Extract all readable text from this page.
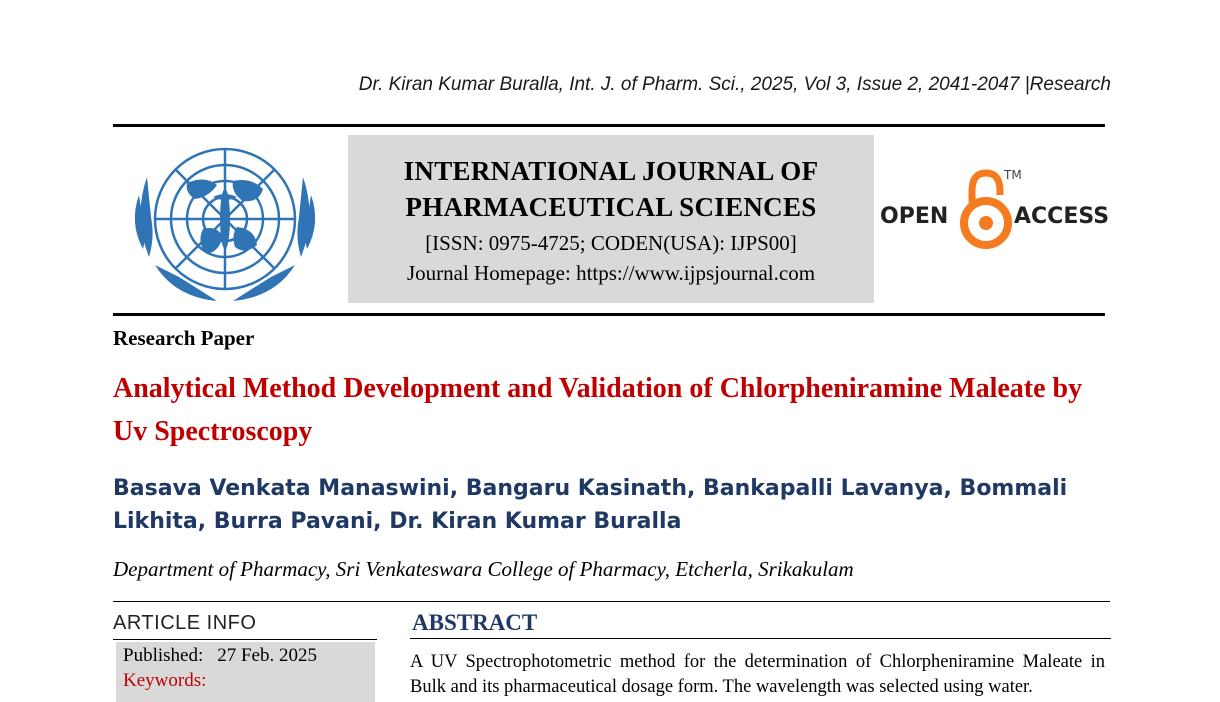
Dr. Kiran Kumar Buralla, Int. J. of Pharm. Sci., 2025, Vol 3, Issue 2, 2041-2047 |Research
INTERNATIONAL JOURNAL OF
PHARMACEUTICAL SCIENCES
[ISSN: 0975-4725; CODEN(USA): IJPS00]
Journal Homepage: https://www.ijpsjournal.com
OPEN
TM
ACCESS
Research Paper
Analytical Method Development and Validation of Chlorpheniramine Maleate by Uv Spectroscopy
Basava Venkata Manaswini, Bangaru Kasinath, Bankapalli Lavanya, Bommali Likhita, Burra Pavani, Dr. Kiran Kumar Buralla
Department of Pharmacy, Sri Venkateswara College of Pharmacy, Etcherla, Srikakulam
ARTICLE INFO
Published: 27 Feb. 2025
Keywords:
ABSTRACT
A UV Spectrophotometric method for the determination of Chlorpheniramine Maleate in Bulk and its pharmaceutical dosage form. The wavelength was selected using water.
